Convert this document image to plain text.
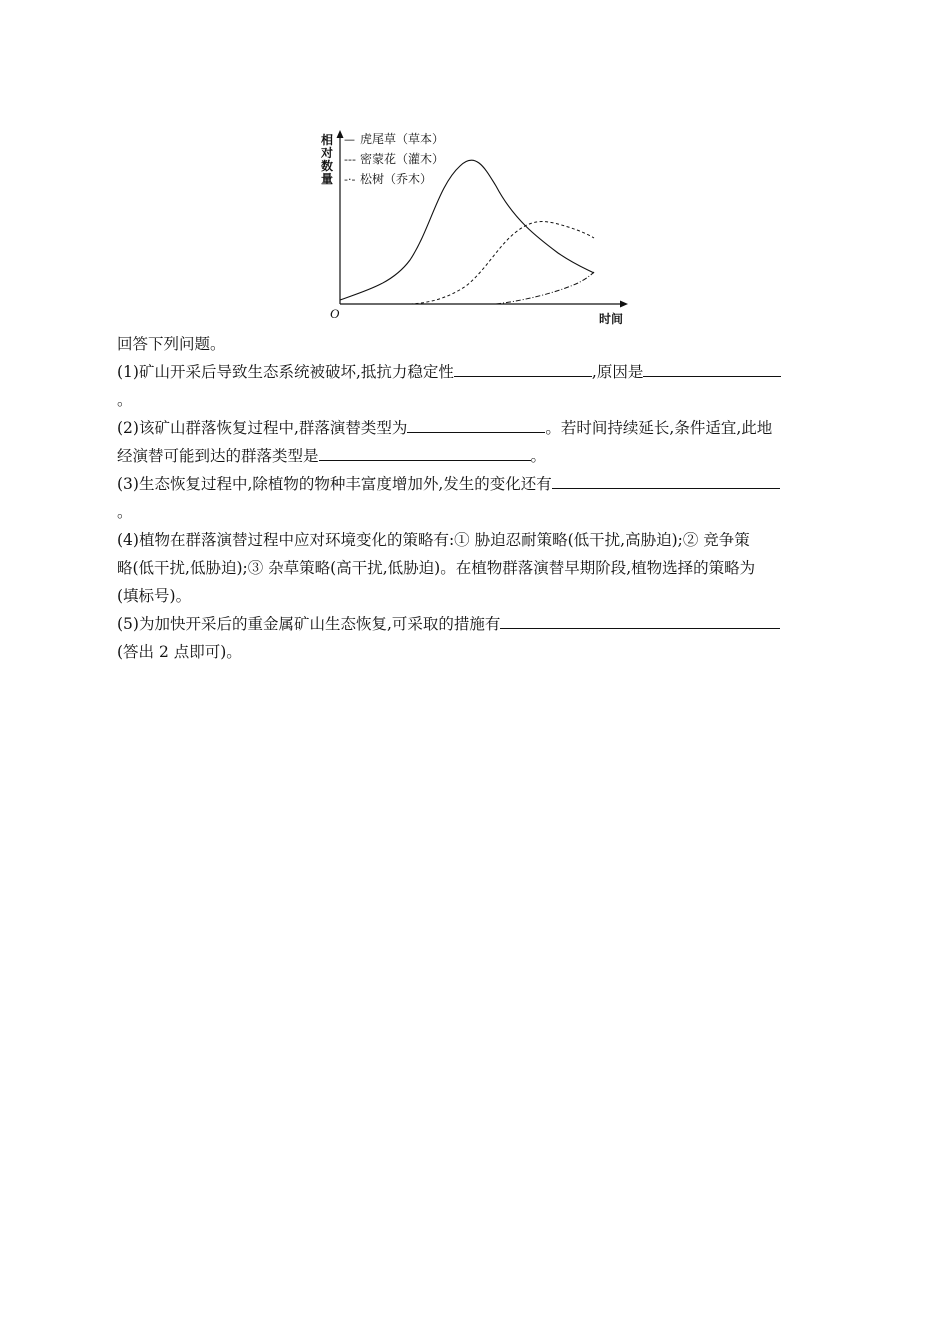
O	时间
— 虎尾草（草本）
--- 密蒙花（灌木）
-·- 松树（乔木）
相
对
数
量
回答下列问题。
(1)矿山开采后导致生态系统被破坏,抵抗力稳定性	,原因是
。
(2)该矿山群落恢复过程中,群落演替类型为	。若时间持续延长,条件适宜,此地
经演替可能到达的群落类型是	。
(3)生态恢复过程中,除植物的物种丰富度增加外,发生的变化还有
。
(4)植物在群落演替过程中应对环境变化的策略有:① 胁迫忍耐策略(低干扰,高胁迫);② 竞争策
略(低干扰,低胁迫);③ 杂草策略(高干扰,低胁迫)。在植物群落演替早期阶段,植物选择的策略为
(填标号)。
(5)为加快开采后的重金属矿山生态恢复,可采取的措施有
(答出 2 点即可)。
